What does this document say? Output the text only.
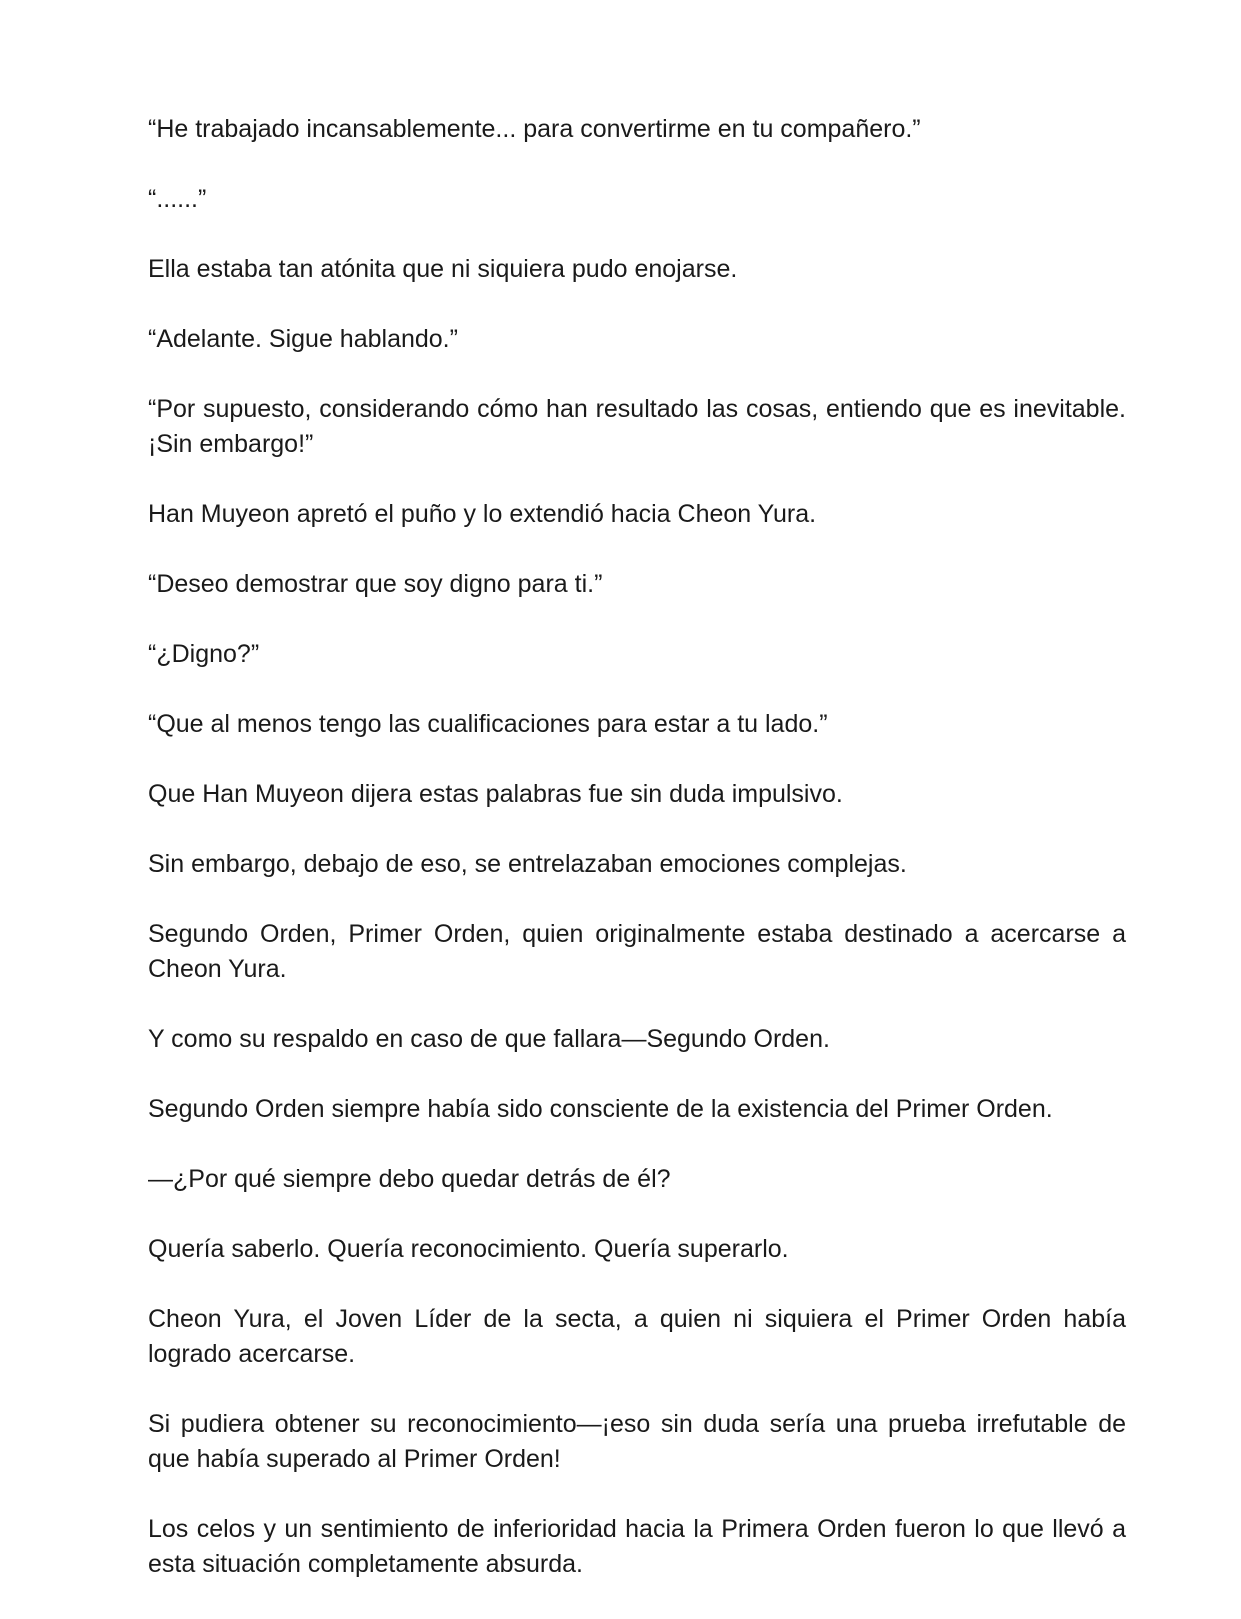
“He trabajado incansablemente... para convertirme en tu compañero.”

“......”

Ella estaba tan atónita que ni siquiera pudo enojarse.

“Adelante. Sigue hablando.”

“Por supuesto, considerando cómo han resultado las cosas, entiendo que es inevitable. ¡Sin embargo!”

Han Muyeon apretó el puño y lo extendió hacia Cheon Yura.

“Deseo demostrar que soy digno para ti.”

“¿Digno?”

“Que al menos tengo las cualificaciones para estar a tu lado.”

Que Han Muyeon dijera estas palabras fue sin duda impulsivo.

Sin embargo, debajo de eso, se entrelazaban emociones complejas.

Segundo Orden, Primer Orden, quien originalmente estaba destinado a acercarse a Cheon Yura.

Y como su respaldo en caso de que fallara—Segundo Orden.

Segundo Orden siempre había sido consciente de la existencia del Primer Orden.

—¿Por qué siempre debo quedar detrás de él?

Quería saberlo. Quería reconocimiento. Quería superarlo.

Cheon Yura, el Joven Líder de la secta, a quien ni siquiera el Primer Orden había logrado acercarse.

Si pudiera obtener su reconocimiento—¡eso sin duda sería una prueba irrefutable de que había superado al Primer Orden!

Los celos y un sentimiento de inferioridad hacia la Primera Orden fueron lo que llevó a esta situación completamente absurda.
